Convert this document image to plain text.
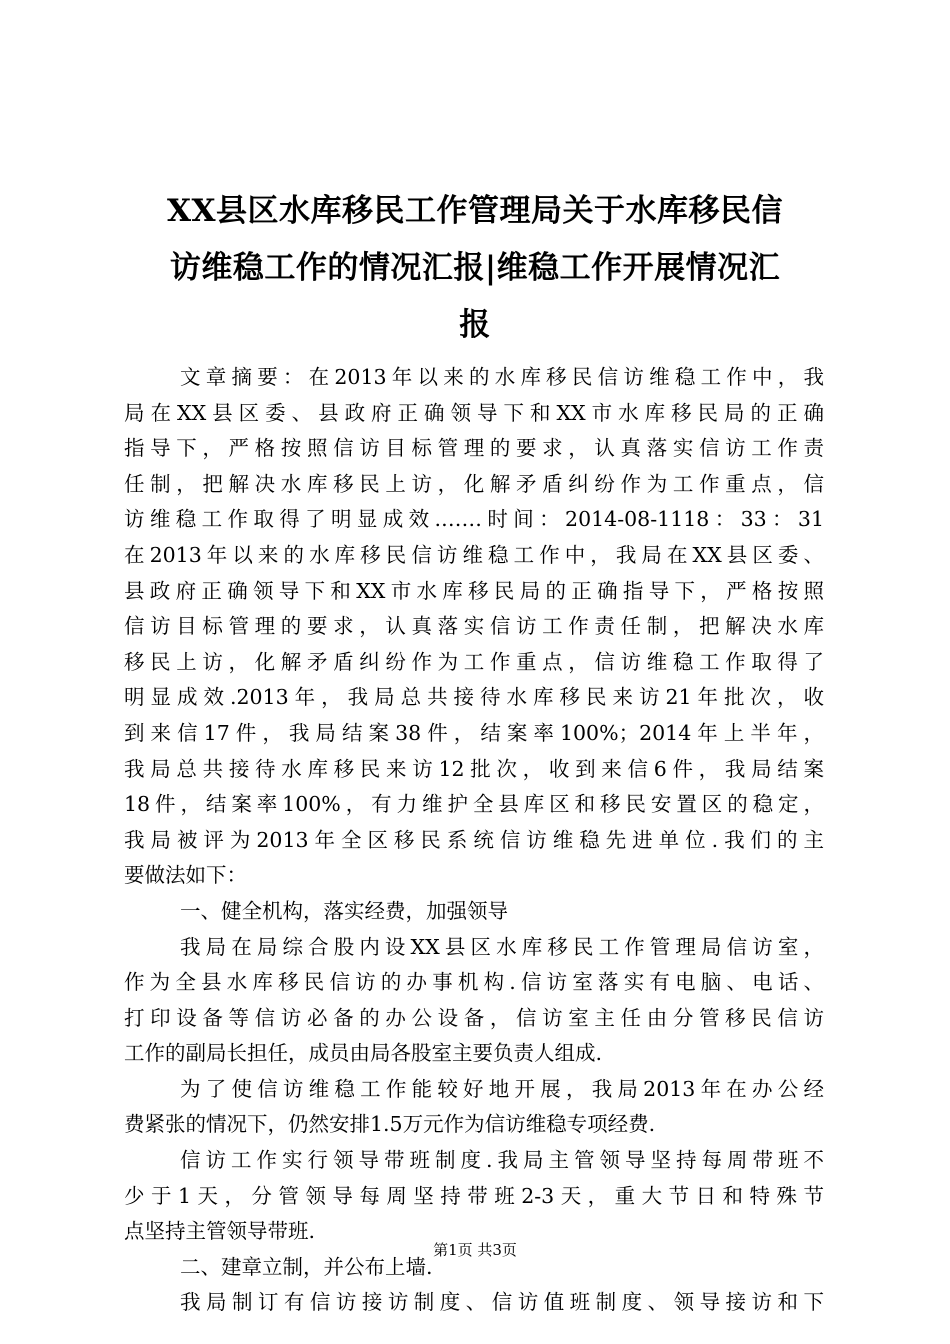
XX县区水库移民工作管理局关于水库移民信
访维稳工作的情况汇报|维稳工作开展情况汇
报
文章摘要：在2013年以来的水库移民信访维稳工作中，我
局在XX县区委、县政府正确领导下和XX市水库移民局的正确
指导下，严格按照信访目标管理的要求，认真落实信访工作责
任制，把解决水库移民上访，化解矛盾纠纷作为工作重点，信
访维稳工作取得了明显成效.……时间：2014-08-1118：33：31
在2013年以来的水库移民信访维稳工作中，我局在XX县区委、
县政府正确领导下和XX市水库移民局的正确指导下，严格按照
信访目标管理的要求，认真落实信访工作责任制，把解决水库
移民上访，化解矛盾纠纷作为工作重点，信访维稳工作取得了
明显成效.2013年，我局总共接待水库移民来访21年批次，收
到来信17件，我局结案38件，结案率100%；2014年上半年，
我局总共接待水库移民来访12批次，收到来信6件，我局结案
18件，结案率100%，有力维护全县库区和移民安置区的稳定，
我局被评为2013年全区移民系统信访维稳先进单位.我们的主
要做法如下：
一、健全机构，落实经费，加强领导
我局在局综合股内设XX县区水库移民工作管理局信访室，
作为全县水库移民信访的办事机构.信访室落实有电脑、电话、
打印设备等信访必备的办公设备，信访室主任由分管移民信访
工作的副局长担任，成员由局各股室主要负责人组成.
为了使信访维稳工作能较好地开展，我局2013年在办公经
费紧张的情况下，仍然安排1.5万元作为信访维稳专项经费.
信访工作实行领导带班制度.我局主管领导坚持每周带班不
少于1天，分管领导每周坚持带班2-3天，重大节日和特殊节
点坚持主管领导带班.
二、建章立制，并公布上墙.
我局制订有信访接访制度、信访值班制度、领导接访和下
第1页 共3页
